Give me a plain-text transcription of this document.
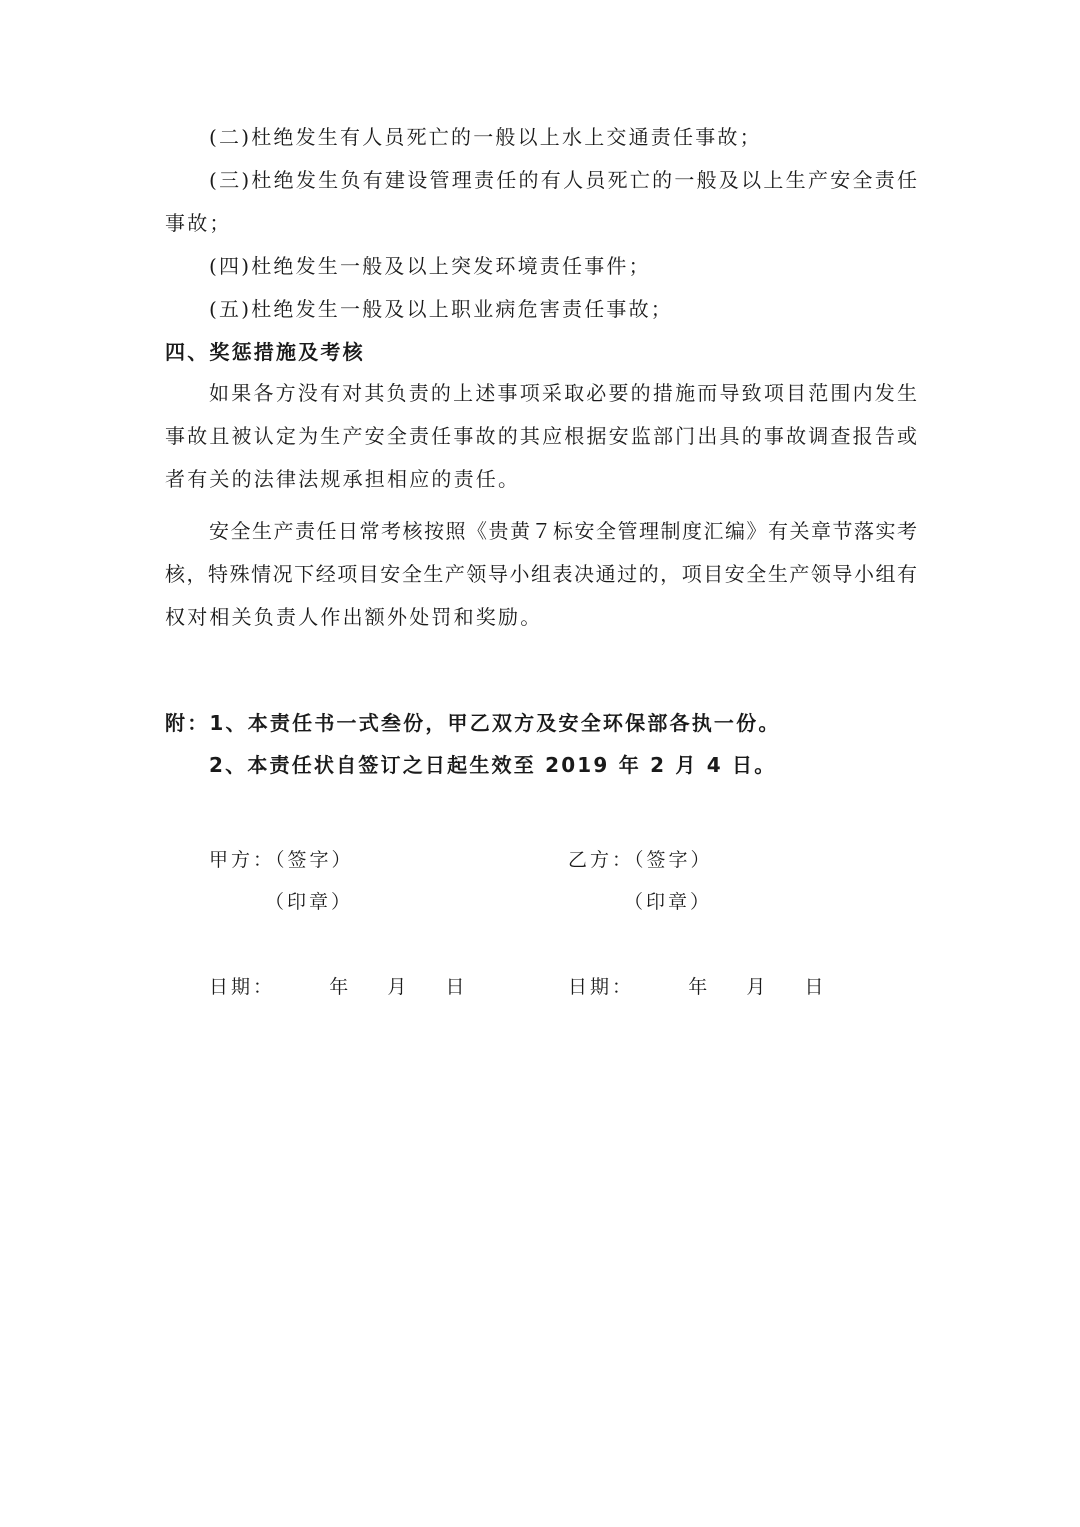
(二)杜绝发生有人员死亡的一般以上水上交通责任事故；
(三)杜绝发生负有建设管理责任的有人员死亡的一般及以上生产安全责任
事故；
(四)杜绝发生一般及以上突发环境责任事件；
(五)杜绝发生一般及以上职业病危害责任事故；
四、奖惩措施及考核
如果各方没有对其负责的上述事项采取必要的措施而导致项目范围内发生
事故且被认定为生产安全责任事故的其应根据安监部门出具的事故调查报告或
者有关的法律法规承担相应的责任。
安全生产责任日常考核按照《贵黄７标安全管理制度汇编》有关章节落实考
核，特殊情况下经项目安全生产领导小组表决通过的，项目安全生产领导小组有
权对相关负责人作出额外处罚和奖励。
附：1、本责任书一式叁份，甲乙双方及安全环保部各执一份。
2、本责任状自签订之日起生效至 2019 年 2 月 4 日。
甲方：（签字）
（印章）
日期：      年    月    日
乙方：（签字）
（印章）
日期：      年    月    日
